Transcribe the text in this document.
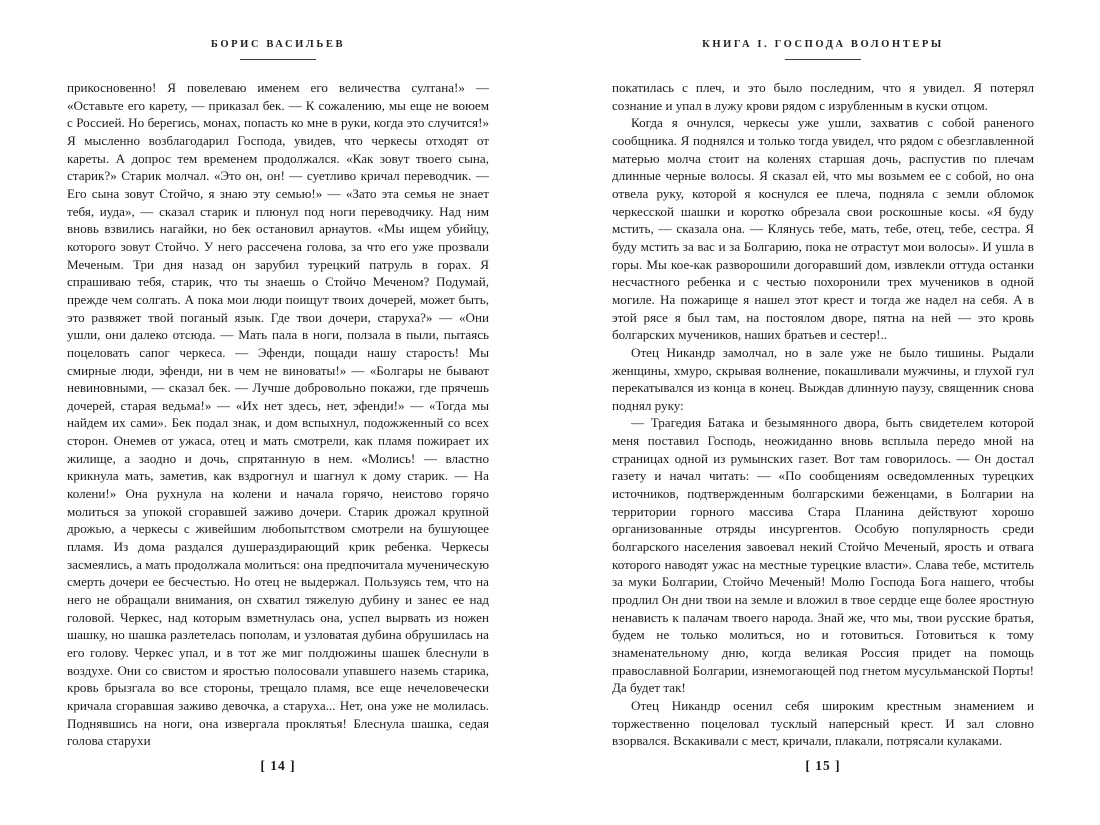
БОРИС ВАСИЛЬЕВ

прикосновенно! Я повелеваю именем его величества султана!» — «Оставьте его карету, — приказал бек. — К сожалению, мы еще не воюем с Россией. Но берегись, монах, попасть ко мне в руки, когда это случится!» Я мысленно возблагодарил Господа, увидев, что черкесы отходят от кареты. А допрос тем временем продолжался. «Как зовут твоего сына, старик?» Старик молчал. «Это он, он! — суетливо кричал переводчик. — Его сына зовут Стойчо, я знаю эту семью!» — «Зато эта семья не знает тебя, иуда», — сказал старик и плюнул под ноги переводчику. Над ним вновь взвились нагайки, но бек остановил арнаутов. «Мы ищем убийцу, которого зовут Стойчо. У него рассечена голова, за что его уже прозвали Меченым. Три дня назад он зарубил турецкий патруль в горах. Я спрашиваю тебя, старик, что ты знаешь о Стойчо Меченом? Подумай, прежде чем солгать. А пока мои люди поищут твоих дочерей, может быть, это развяжет твой поганый язык. Где твои дочери, старуха?» — «Они ушли, они далеко отсюда. — Мать пала в ноги, ползала в пыли, пытаясь поцеловать сапог черкеса. — Эфенди, пощади нашу старость! Мы смирные люди, эфенди, ни в чем не виноваты!» — «Болгары не бывают невиновными, — сказал бек. — Лучше добровольно покажи, где прячешь дочерей, старая ведьма!» — «Их нет здесь, нет, эфенди!» — «Тогда мы найдем их сами». Бек подал знак, и дом вспыхнул, подожженный со всех сторон. Онемев от ужаса, отец и мать смотрели, как пламя пожирает их жилище, а заодно и дочь, спрятанную в нем. «Молись! — властно крикнула мать, заметив, как вздрогнул и шагнул к дому старик. — На колени!» Она рухнула на колени и начала горячо, неистово горячо молиться за упокой сгоравшей заживо дочери. Старик дрожал крупной дрожью, а черкесы с живейшим любопытством смотрели на бушующее пламя. Из дома раздался душераздирающий крик ребенка. Черкесы засмеялись, а мать продолжала молиться: она предпочитала мученическую смерть дочери ее бесчестью. Но отец не выдержал. Пользуясь тем, что на него не обращали внимания, он схватил тяжелую дубину и занес ее над головой. Черкес, над которым взметнулась она, успел вырвать из ножен шашку, но шашка разлетелась пополам, и узловатая дубина обрушилась на его голову. Черкес упал, и в тот же миг полдюжины шашек блеснули в воздухе. Они со свистом и яростью полосовали упавшего наземь старика, кровь брызгала во все стороны, трещало пламя, все еще нечеловечески кричала сгоравшая заживо девочка, а старуха... Нет, она уже не молилась. Поднявшись на ноги, она извергала проклятья! Блеснула шашка, седая голова старухи

[ 14 ]
КНИГА I. ГОСПОДА ВОЛОНТЕРЫ

покатилась с плеч, и это было последним, что я увидел. Я потерял сознание и упал в лужу крови рядом с изрубленным в куски отцом.

Когда я очнулся, черкесы уже ушли, захватив с собой раненого сообщника. Я поднялся и только тогда увидел, что рядом с обезглавленной матерью молча стоит на коленях старшая дочь, распустив по плечам длинные черные волосы. Я сказал ей, что мы возьмем ее с собой, но она отвела руку, которой я коснулся ее плеча, подняла с земли обломок черкесской шашки и коротко обрезала свои роскошные косы. «Я буду мстить, — сказала она. — Клянусь тебе, мать, тебе, отец, тебе, сестра. Я буду мстить за вас и за Болгарию, пока не отрастут мои волосы». И ушла в горы. Мы кое-как разворошили догоравший дом, извлекли оттуда останки несчастного ребенка и с честью похоронили трех мучеников в одной могиле. На пожарище я нашел этот крест и тогда же надел на себя. А в этой рясе я был там, на постоялом дворе, пятна на ней — это кровь болгарских мучеников, наших братьев и сестер!..

Отец Никандр замолчал, но в зале уже не было тишины. Рыдали женщины, хмуро, скрывая волнение, покашливали мужчины, и глухой гул перекатывался из конца в конец. Выждав длинную паузу, священник снова поднял руку:

— Трагедия Батака и безымянного двора, быть свидетелем которой меня поставил Господь, неожиданно вновь всплыла передо мной на страницах одной из румынских газет. Вот там говорилось. — Он достал газету и начал читать: — «По сообщениям осведомленных турецких источников, подтвержденным болгарскими беженцами, в Болгарии на территории горного массива Стара Планина действуют хорошо организованные отряды инсургентов. Особую популярность среди болгарского населения завоевал некий Стойчо Меченый, ярость и отвага которого наводят ужас на местные турецкие власти». Слава тебе, мститель за муки Болгарии, Стойчо Меченый! Молю Господа Бога нашего, чтобы продлил Он дни твои на земле и вложил в твое сердце еще более яростную ненависть к палачам твоего народа. Знай же, что мы, твои русские братья, будем не только молиться, но и готовиться. Готовиться к тому знаменательному дню, когда великая Россия придет на помощь православной Болгарии, изнемогающей под гнетом мусульманской Порты! Да будет так!

Отец Никандр осенил себя широким крестным знамением и торжественно поцеловал тусклый наперсный крест. И зал словно взорвался. Вскакивали с мест, кричали, плакали, потрясали кулаками.

[ 15 ]
